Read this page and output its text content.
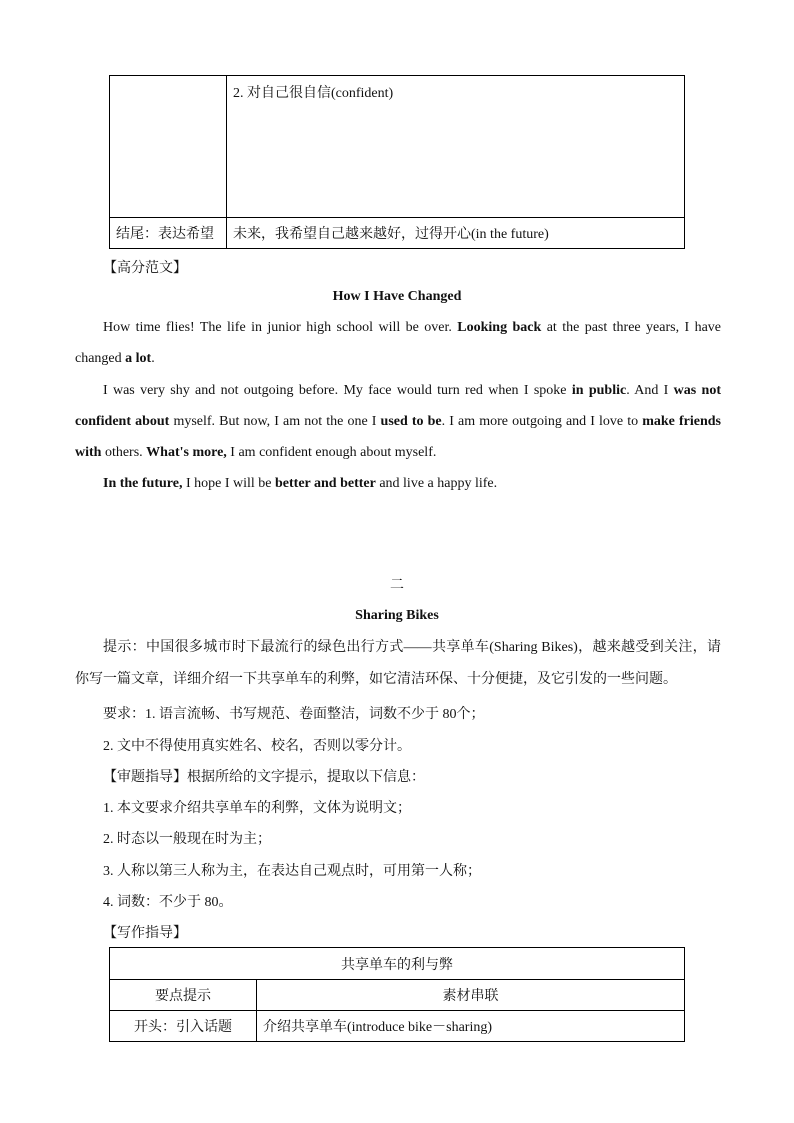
	2. 对自己很自信(confident)
结尾：表达希望	未来，我希望自己越来越好，过得开心(in the future)
【高分范文】
How I Have Changed
How time flies! The life in junior high school will be over. Looking back at the past three years, I have changed a lot.
I was very shy and not outgoing before. My face would turn red when I spoke in public. And I was not confident about myself. But now, I am not the one I used to be. I am more outgoing and I love to make friends with others. What's more, I am confident enough about myself.
In the future, I hope I will be better and better and live a happy life.
二
Sharing Bikes
提示：中国很多城市时下最流行的绿色出行方式——共享单车(Sharing Bikes)，越来越受到关注，请你写一篇文章，详细介绍一下共享单车的利弊，如它清洁环保、十分便捷，及它引发的一些问题。
要求：1. 语言流畅、书写规范、卷面整洁，词数不少于 80个；
2. 文中不得使用真实姓名、校名，否则以零分计。
【审题指导】根据所给的文字提示，提取以下信息：
1. 本文要求介绍共享单车的利弊，文体为说明文；
2. 时态以一般现在时为主；
3. 人称以第三人称为主，在表达自己观点时，可用第一人称；
4. 词数：不少于 80。
【写作指导】
共享单车的利与弊	
要点提示	素材串联
开头：引入话题	介绍共享单车(introduce bike－sharing)
